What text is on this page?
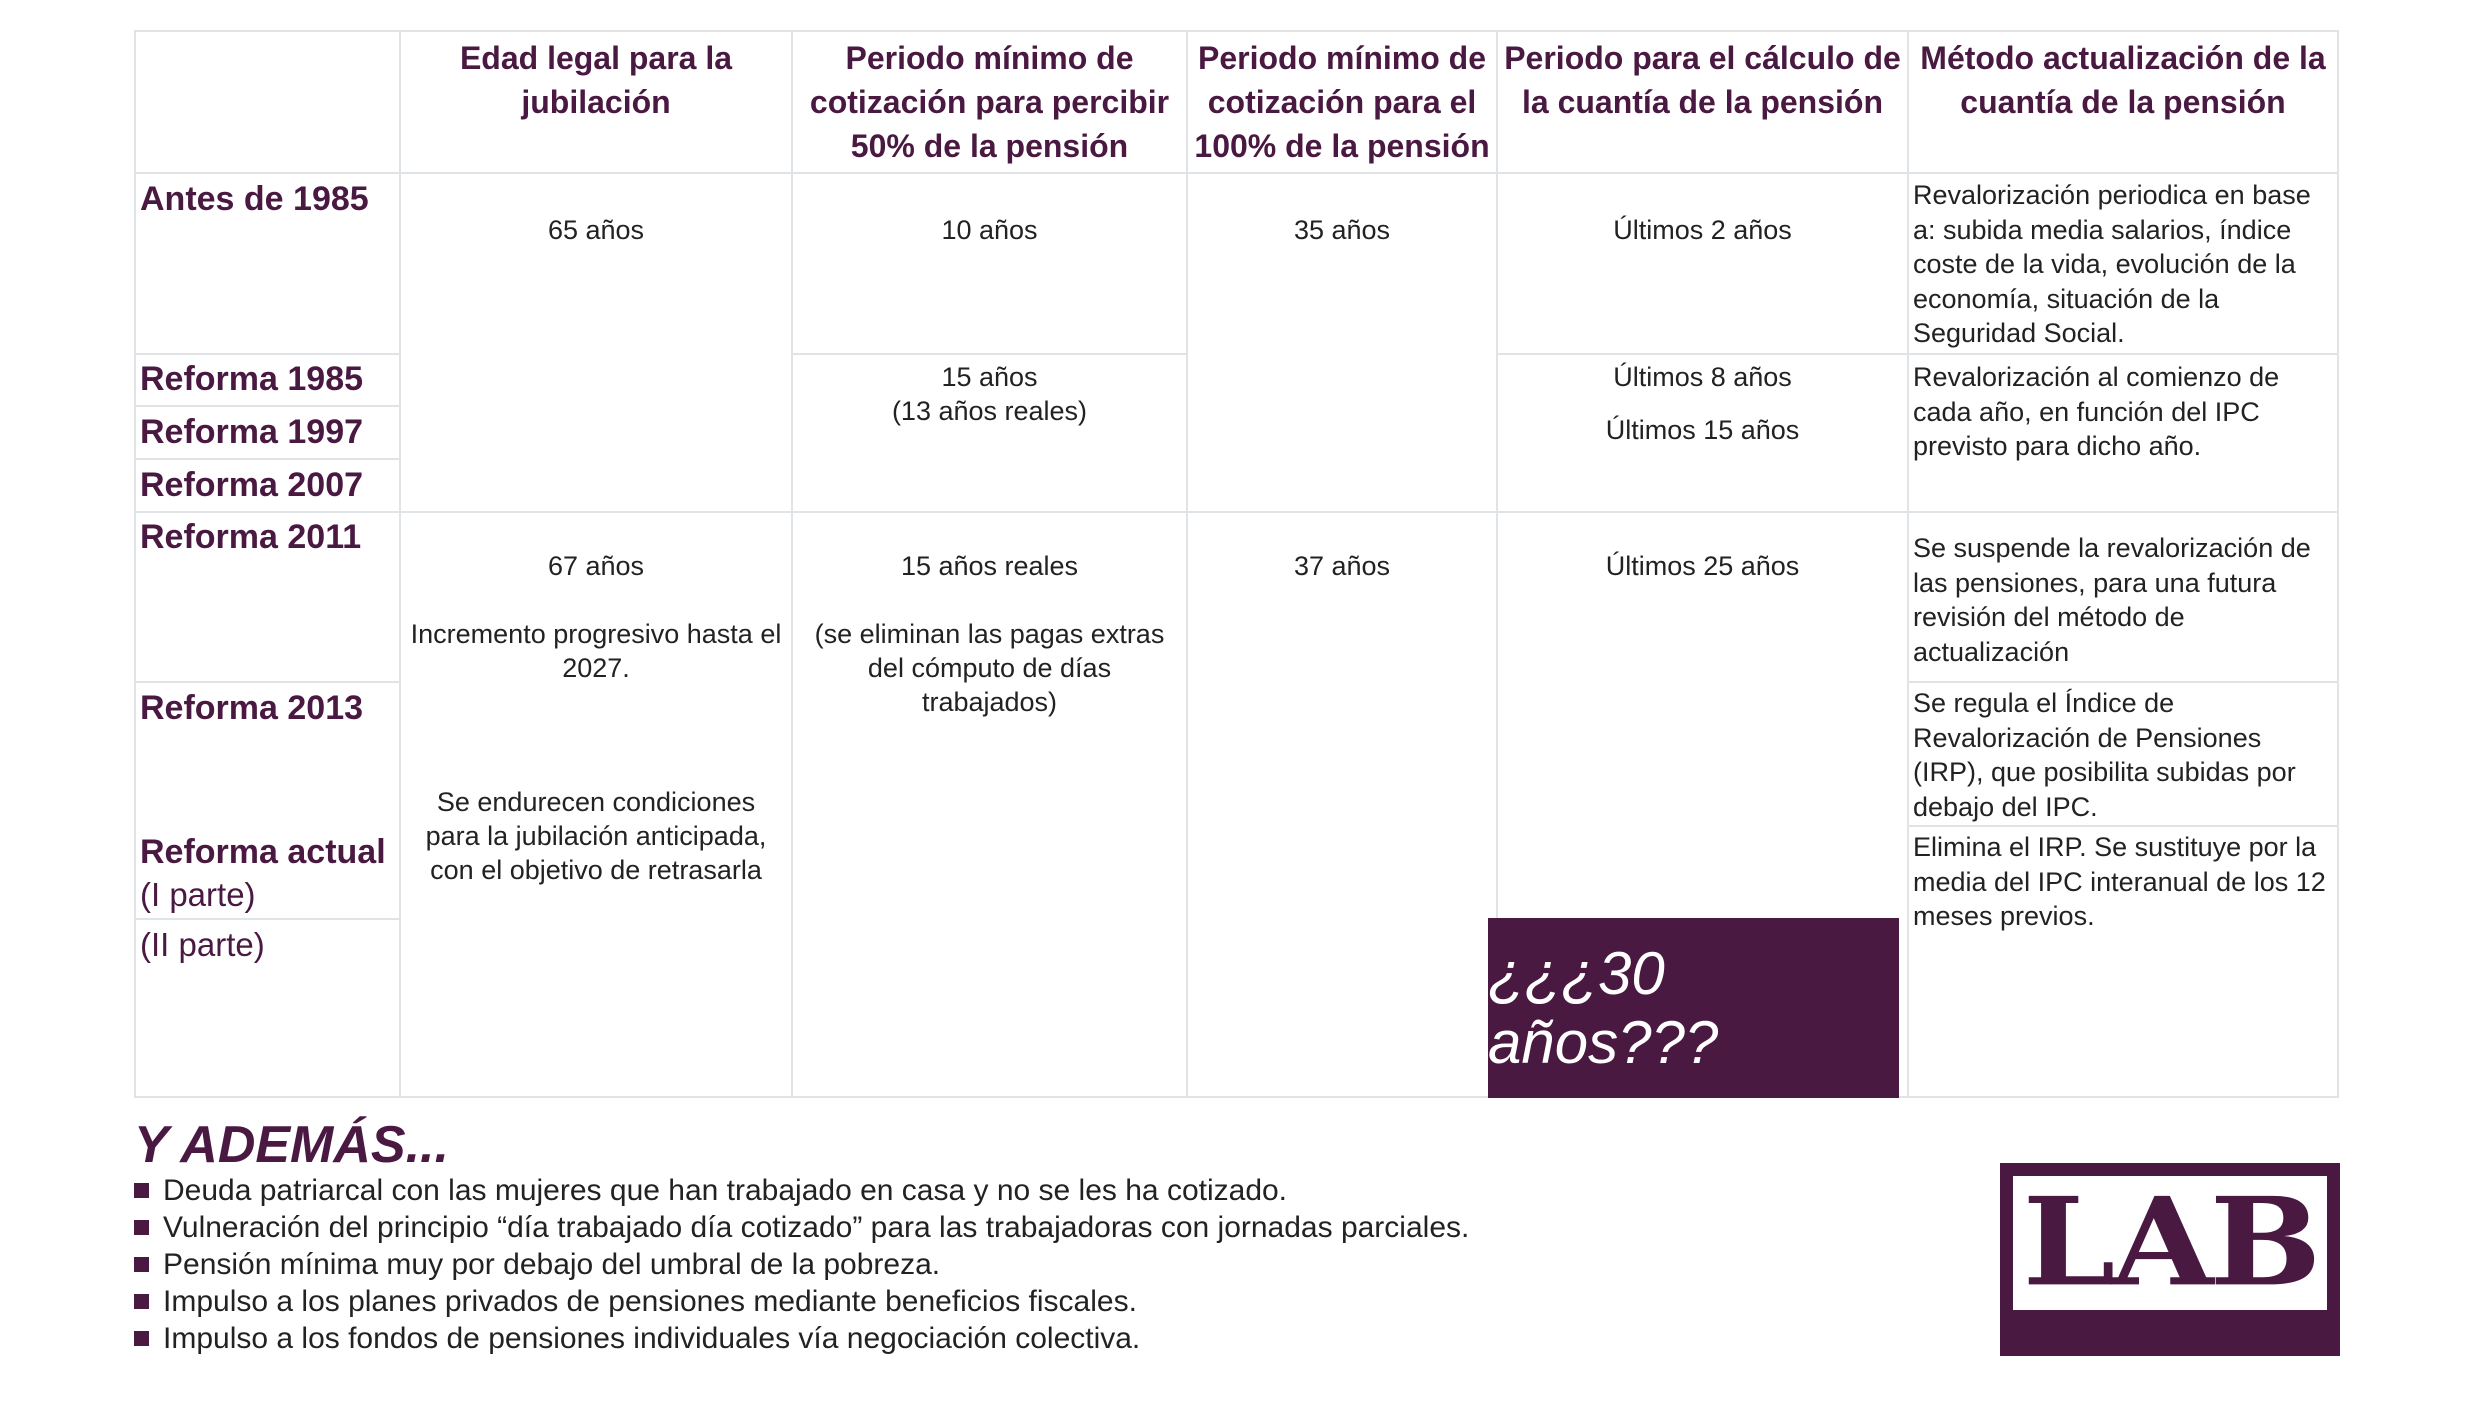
Edad legal para la jubilación
Periodo mínimo de cotización para percibir 50% de la pensión
Periodo mínimo de cotización para el 100% de la pensión
Periodo para el cálculo de la cuantía de la pensión
Método actualización de la cuantía de la pensión
Antes de 1985
Reforma 1985
Reforma 1997
Reforma 2007
Reforma 2011
Reforma 2013
Reforma actual
(I parte)
(II parte)
65 años
67 años
Incremento progresivo hasta el 2027.
Se endurecen condiciones para la jubilación anticipada, con el objetivo de retrasarla
10 años
15 años
(13 años reales)
15 años reales
(se eliminan las pagas extras del cómputo de días trabajados)
35 años
37 años
Últimos 2 años
Últimos 8 años
Últimos 15 años
Últimos 25 años
¿¿¿30 años???
Revalorización periodica en base a: subida media salarios, índice coste de la vida, evolución de la economía, situación de la Seguridad Social.
Revalorización al comienzo de cada año, en función del IPC previsto para dicho año.
Se suspende la revalorización de las pensiones, para una futura revisión del método de actualización
Se regula el Índice de Revalorización de Pensiones (IRP), que posibilita subidas por debajo del IPC.
Elimina el IRP. Se sustituye por la media del IPC interanual de los 12 meses previos.
Y ADEMÁS...
Deuda patriarcal con las mujeres que han trabajado en casa y no se les ha cotizado.
Vulneración del principio “día trabajado día cotizado” para las trabajadoras con jornadas parciales.
Pensión mínima muy por debajo del umbral de la pobreza.
Impulso a los planes privados de pensiones mediante beneficios fiscales.
Impulso a los fondos de pensiones individuales vía negociación colectiva.
LAB
